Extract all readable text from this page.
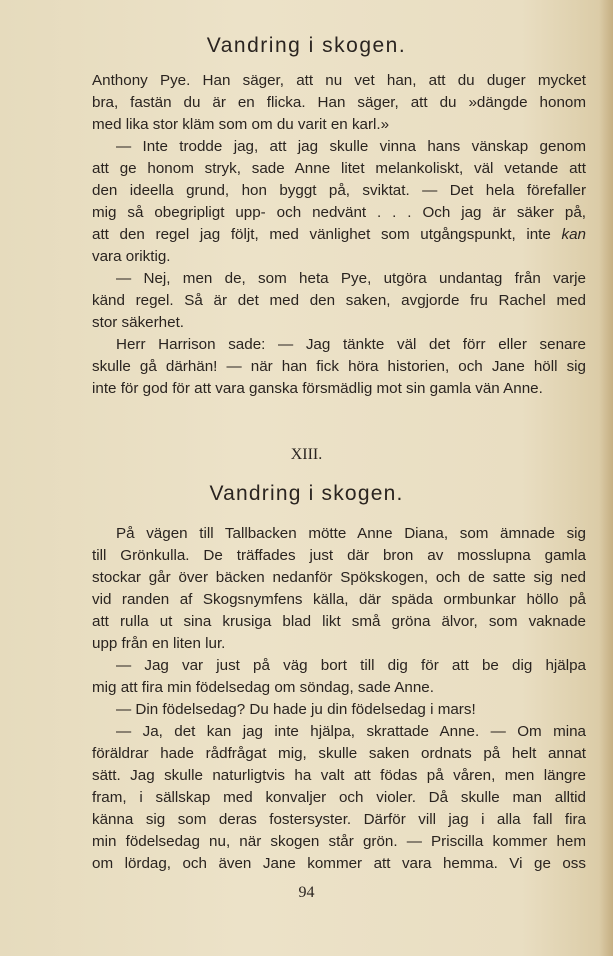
Vandring i skogen.
Anthony Pye. Han säger, att nu vet han, att du duger mycket
bra, fastän du är en flicka. Han säger, att du »dängde honom
med lika stor kläm som om du varit en karl.»
— Inte trodde jag, att jag skulle vinna hans vänskap genom
att ge honom stryk, sade Anne litet melankoliskt, väl vetande att
den ideella grund, hon byggt på, sviktat. — Det hela förefaller
mig så obegripligt upp- och nedvänt . . . Och jag är säker på,
att den regel jag följt, med vänlighet som utgångspunkt, inte kan
vara oriktig.
— Nej, men de, som heta Pye, utgöra undantag från varje
känd regel. Så är det med den saken, avgjorde fru Rachel med
stor säkerhet.
Herr Harrison sade: — Jag tänkte väl det förr eller senare
skulle gå därhän! — när han fick höra historien, och Jane höll sig
inte för god för att vara ganska försmädlig mot sin gamla vän Anne.
XIII.
Vandring i skogen.
På vägen till Tallbacken mötte Anne Diana, som ämnade sig
till Grönkulla. De träffades just där bron av mosslupna gamla
stockar går över bäcken nedanför Spökskogen, och de satte sig ned
vid randen af Skogsnymfens källa, där späda ormbunkar höllo på
att rulla ut sina krusiga blad likt små gröna älvor, som vaknade
upp från en liten lur.
— Jag var just på väg bort till dig för att be dig hjälpa
mig att fira min födelsedag om söndag, sade Anne.
— Din födelsedag? Du hade ju din födelsedag i mars!
— Ja, det kan jag inte hjälpa, skrattade Anne. — Om mina
föräldrar hade rådfrågat mig, skulle saken ordnats på helt annat
sätt. Jag skulle naturligtvis ha valt att födas på våren, men längre
fram, i sällskap med konvaljer och violer. Då skulle man alltid
känna sig som deras fostersyster. Därför vill jag i alla fall fira
min födelsedag nu, när skogen står grön. — Priscilla kommer hem
om lördag, och även Jane kommer att vara hemma. Vi ge oss
94
